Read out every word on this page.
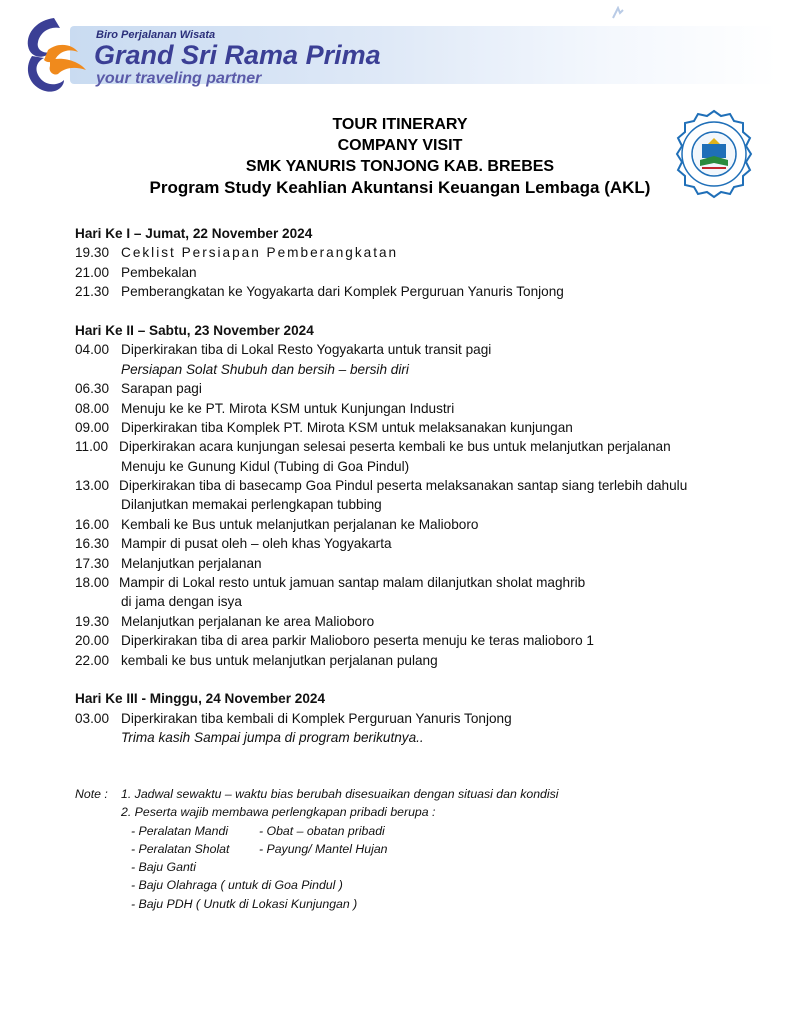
Biro Perjalanan Wisata
Grand Sri Rama Prima
your traveling partner
TOUR ITINERARY
COMPANY VISIT
SMK YANURIS TONJONG KAB. BREBES
Program Study Keahlian Akuntansi Keuangan Lembaga (AKL)
Hari Ke I – Jumat, 22 November 2024
19.30 Ceklist Persiapan Pemberangkatan
21.00 Pembekalan
21.30 Pemberangkatan ke Yogyakarta dari Komplek Perguruan Yanuris Tonjong
Hari Ke II – Sabtu, 23 November 2024
04.00 Diperkirakan tiba di Lokal Resto Yogyakarta untuk transit pagi
Persiapan Solat Shubuh dan bersih – bersih diri
06.30 Sarapan pagi
08.00 Menuju ke ke PT. Mirota KSM untuk Kunjungan Industri
09.00 Diperkirakan tiba Komplek PT. Mirota KSM untuk melaksanakan kunjungan
11.00 Diperkirakan acara kunjungan selesai peserta kembali ke bus untuk melanjutkan perjalanan
Menuju ke Gunung Kidul (Tubing di Goa Pindul)
13.00 Diperkirakan tiba di basecamp Goa Pindul peserta melaksanakan santap siang terlebih dahulu
Dilanjutkan memakai perlengkapan tubbing
16.00 Kembali ke Bus untuk melanjutkan perjalanan ke Malioboro
16.30 Mampir di pusat oleh – oleh khas Yogyakarta
17.30 Melanjutkan perjalanan
18.00 Mampir di Lokal resto untuk jamuan santap malam dilanjutkan sholat maghrib
di jama dengan isya
19.30 Melanjutkan perjalanan ke area Malioboro
20.00 Diperkirakan tiba di area parkir Malioboro peserta menuju ke teras malioboro 1
22.00 kembali ke bus untuk melanjutkan perjalanan pulang
Hari Ke III - Minggu, 24 November 2024
03.00 Diperkirakan tiba kembali di Komplek Perguruan Yanuris Tonjong
Trima kasih Sampai jumpa di program berikutnya..
Note : 1. Jadwal sewaktu – waktu bias berubah disesuaikan dengan situasi dan kondisi
2. Peserta wajib membawa perlengkapan pribadi berupa :
- Peralatan Mandi	- Obat – obatan pribadi
- Peralatan Sholat - Payung/ Mantel Hujan
- Baju Ganti
- Baju Olahraga ( untuk di Goa Pindul )
- Baju PDH ( Unutk di Lokasi Kunjungan )
